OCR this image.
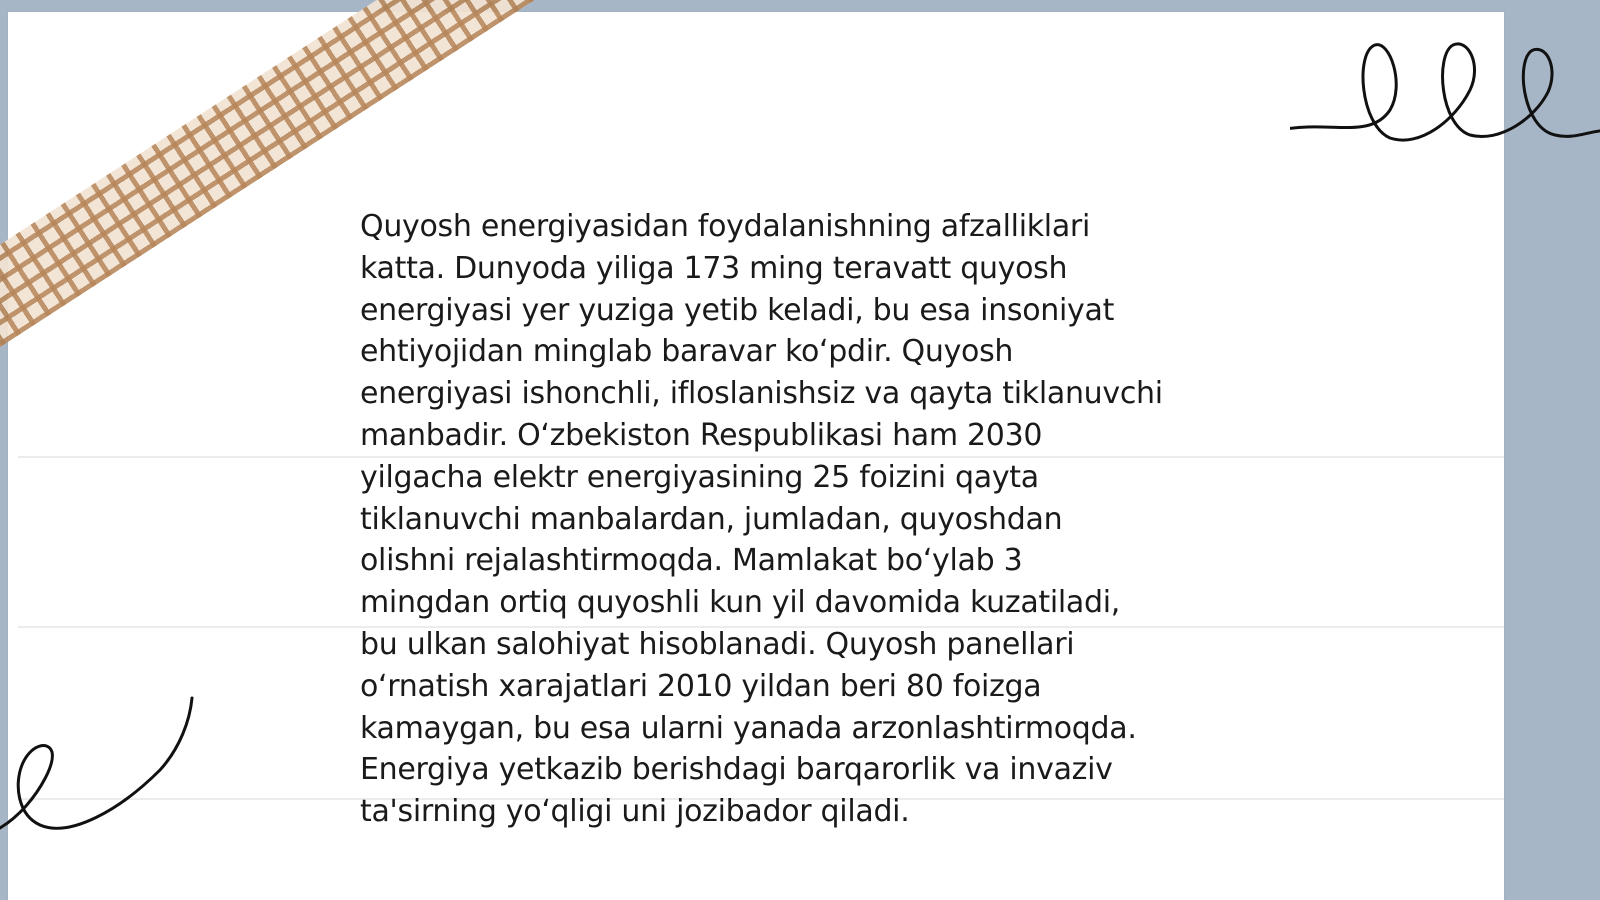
Quyosh energiyasidan foydalanishning afzalliklari
katta. Dunyoda yiliga 173 ming teravatt quyosh
energiyasi yer yuziga yetib keladi, bu esa insoniyat
ehtiyojidan minglab baravar koʻpdir. Quyosh
energiyasi ishonchli, ifloslanishsiz va qayta tiklanuvchi
manbadir. Oʻzbekiston Respublikasi ham 2030
yilgacha elektr energiyasining 25 foizini qayta
tiklanuvchi manbalardan, jumladan, quyoshdan
olishni rejalashtirmoqda. Mamlakat boʻylab 3
mingdan ortiq quyoshli kun yil davomida kuzatiladi,
bu ulkan salohiyat hisoblanadi. Quyosh panellari
oʻrnatish xarajatlari 2010 yildan beri 80 foizga
kamaygan, bu esa ularni yanada arzonlashtirmoqda.
Energiya yetkazib berishdagi barqarorlik va invaziv
ta'sirning yoʻqligi uni jozibador qiladi.
